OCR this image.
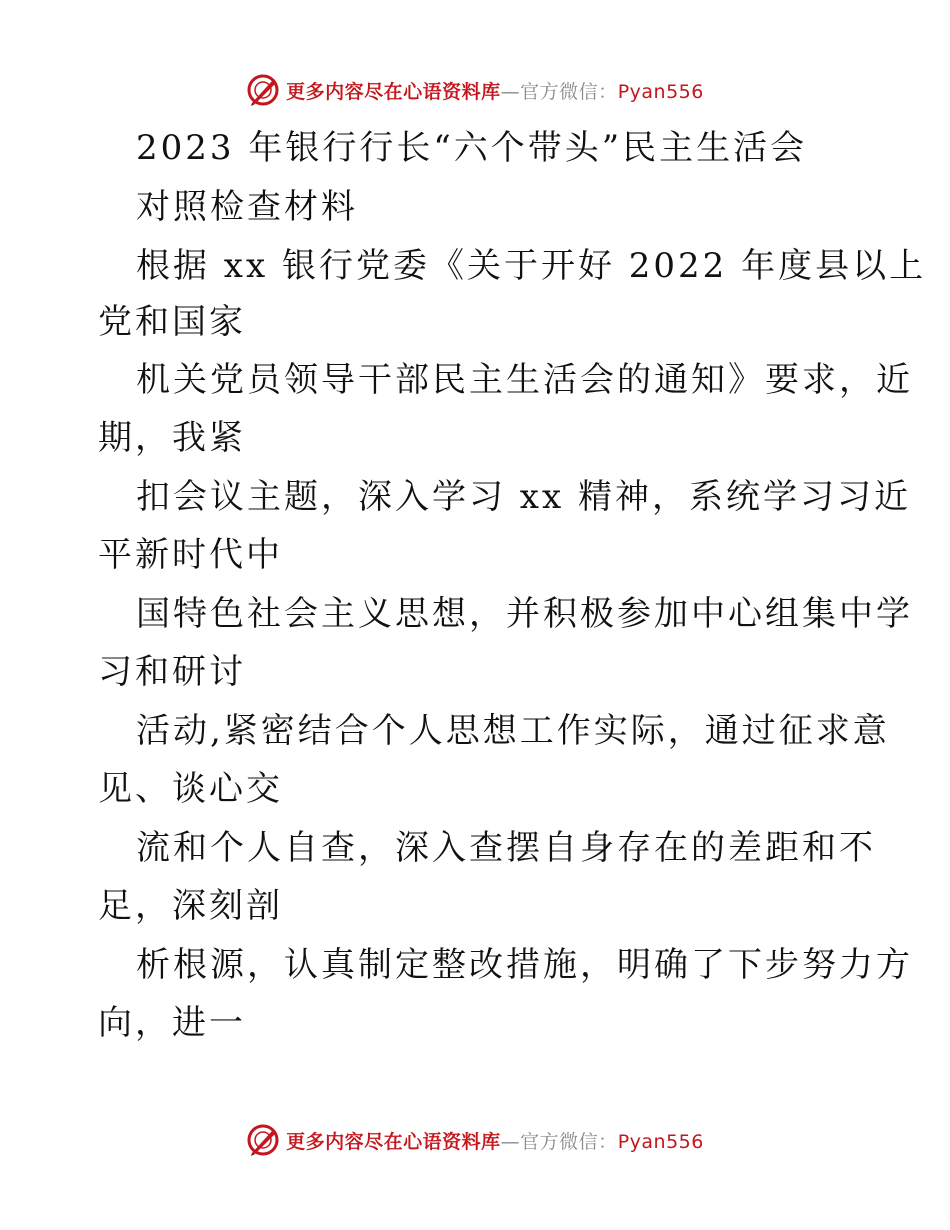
更多内容尽在心语资料库—官方微信：Pyan556
2023 年银行行长“六个带头”民主生活会
对照检查材料
根据 xx 银行党委《关于开好 2022 年度县以上
党和国家
机关党员领导干部民主生活会的通知》要求，近
期，我紧
扣会议主题，深入学习 xx 精神，系统学习习近
平新时代中
国特色社会主义思想，并积极参加中心组集中学
习和研讨
活动,紧密结合个人思想工作实际，通过征求意
见、谈心交
流和个人自查，深入查摆自身存在的差距和不
足，深刻剖
析根源，认真制定整改措施，明确了下步努力方
向，进一
更多内容尽在心语资料库—官方微信：Pyan556
